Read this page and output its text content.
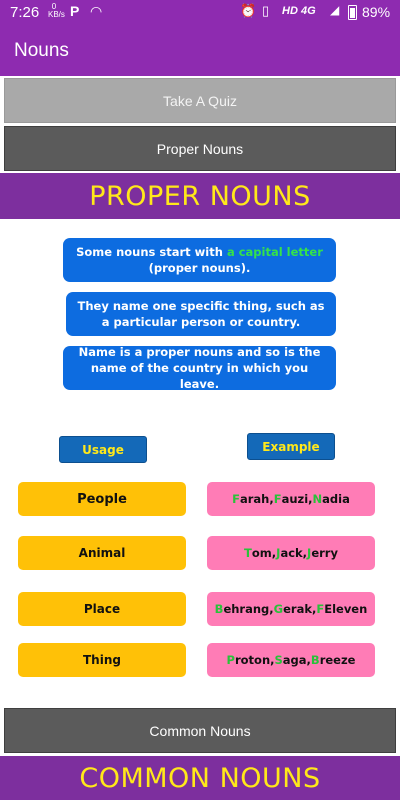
7:26	0
KB/s P ◠	⏰ ▯ HD 4G ◢ 89%
Nouns
Take A Quiz
Proper Nouns
PROPER NOUNS
Some nouns start with a capital letter
(proper nouns).
They name one specific thing, such as a particular person or country.
Name is a proper nouns and so is the name of the country in which you leave.
Usage	Example
People	F arah, F auzi, N adia
Animal	T om, J ack, J erry
Place	B ehrang, G erak, F Eleven
Thing	P roton, S aga, B reeze
Common Nouns
COMMON NOUNS
